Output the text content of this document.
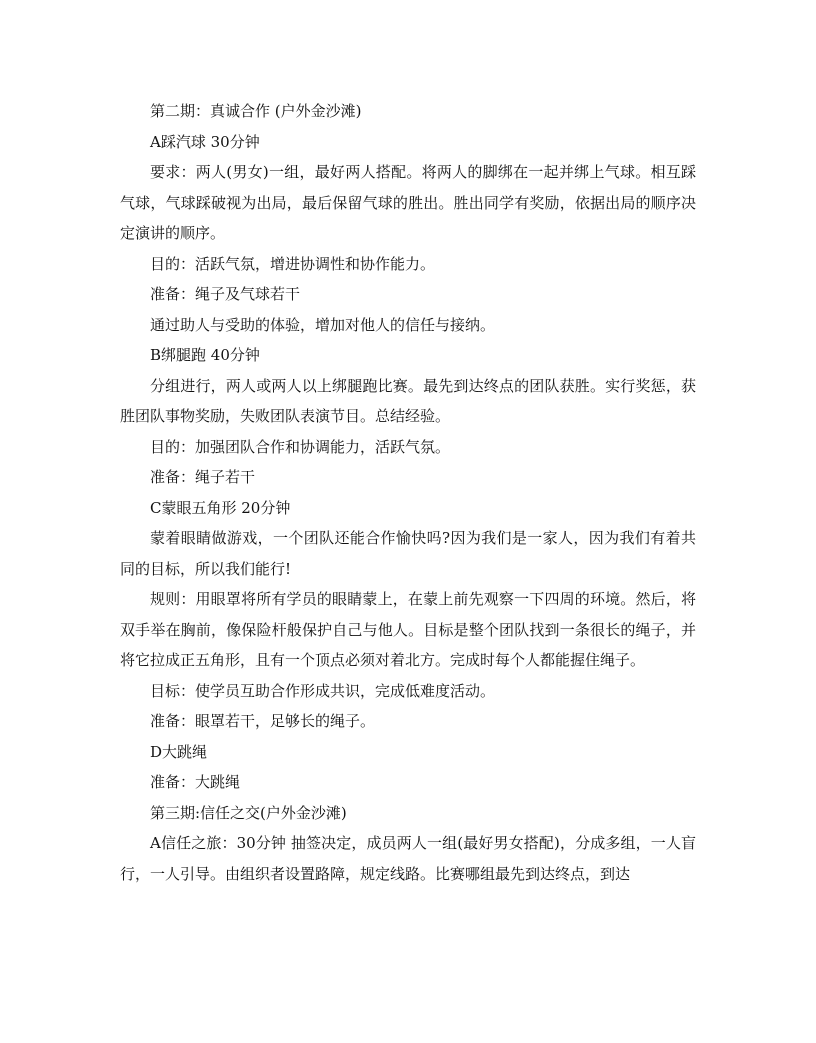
第二期：真诚合作 (户外金沙滩)

A踩汽球 30分钟

要求：两人(男女)一组，最好两人搭配。将两人的脚绑在一起并绑上气球。相互踩气球，气球踩破视为出局，最后保留气球的胜出。胜出同学有奖励，依据出局的顺序决定演讲的顺序。

目的：活跃气氛，增进协调性和协作能力。

准备：绳子及气球若干

通过助人与受助的体验，增加对他人的信任与接纳。

B绑腿跑 40分钟

分组进行，两人或两人以上绑腿跑比赛。最先到达终点的团队获胜。实行奖惩，获胜团队事物奖励，失败团队表演节目。总结经验。

目的：加强团队合作和协调能力，活跃气氛。

准备：绳子若干

C蒙眼五角形 20分钟

蒙着眼睛做游戏，一个团队还能合作愉快吗?因为我们是一家人，因为我们有着共同的目标，所以我们能行!

规则：用眼罩将所有学员的眼睛蒙上，在蒙上前先观察一下四周的环境。然后，将双手举在胸前，像保险杆般保护自己与他人。目标是整个团队找到一条很长的绳子，并将它拉成正五角形，且有一个顶点必须对着北方。完成时每个人都能握住绳子。

目标：使学员互助合作形成共识，完成低难度活动。

准备：眼罩若干，足够长的绳子。

D大跳绳

准备：大跳绳

第三期:信任之交(户外金沙滩)

A信任之旅：30分钟 抽签决定，成员两人一组(最好男女搭配)，分成多组，一人盲行，一人引导。由组织者设置路障，规定线路。比赛哪组最先到达终点，到达
